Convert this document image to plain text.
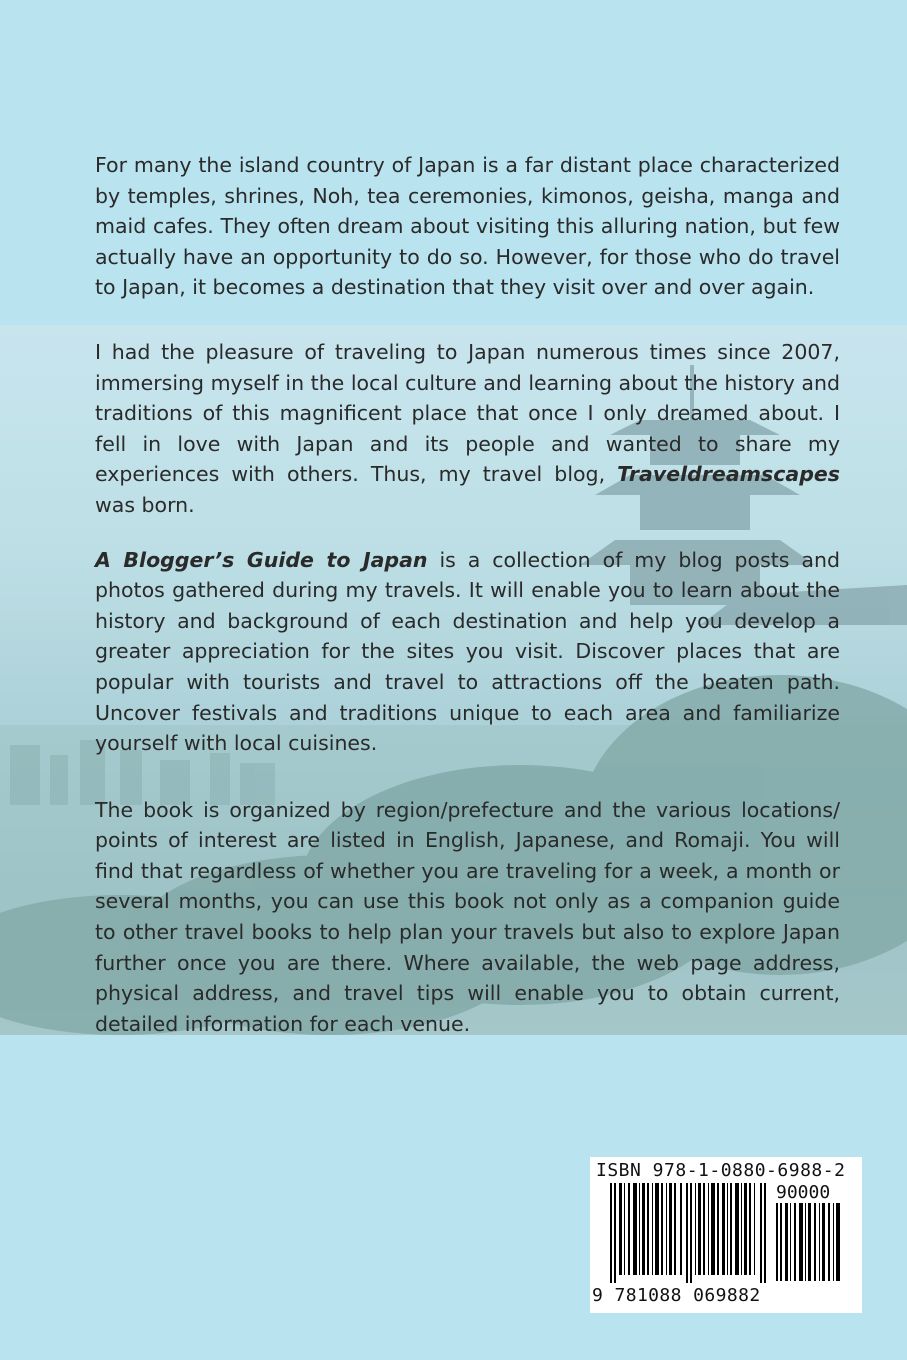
For many the island country of Japan is a far distant place characterized by temples, shrines, Noh, tea ceremonies, kimonos, geisha, manga and maid cafes. They often dream about visiting this alluring nation, but few actually have an opportunity to do so. However, for those who do travel to Japan, it becomes a destination that they visit over and over again.

I had the pleasure of traveling to Japan numerous times since 2007, immersing myself in the local culture and learning about the history and traditions of this magnificent place that once I only dreamed about. I fell in love with Japan and its people and wanted to share my experiences with others. Thus, my travel blog, Traveldreamscapes was born.

A Blogger’s Guide to Japan is a collection of my blog posts and photos gathered during my travels. It will enable you to learn about the history and background of each destination and help you develop a greater appreciation for the sites you visit. Discover places that are popular with tourists and travel to attractions off the beaten path. Uncover festivals and traditions unique to each area and familiarize yourself with local cuisines.

The book is organized by region/prefecture and the various locations/ points of interest are listed in English, Japanese, and Romaji. You will find that regardless of whether you are traveling for a week, a month or several months, you can use this book not only as a companion guide to other travel books to help plan your travels but also to explore Japan further once you are there. Where available, the web page address, physical address, and travel tips will enable you to obtain current, detailed information for each venue.

ISBN 978-1-0880-6988-2
90000
9 781088 069882
